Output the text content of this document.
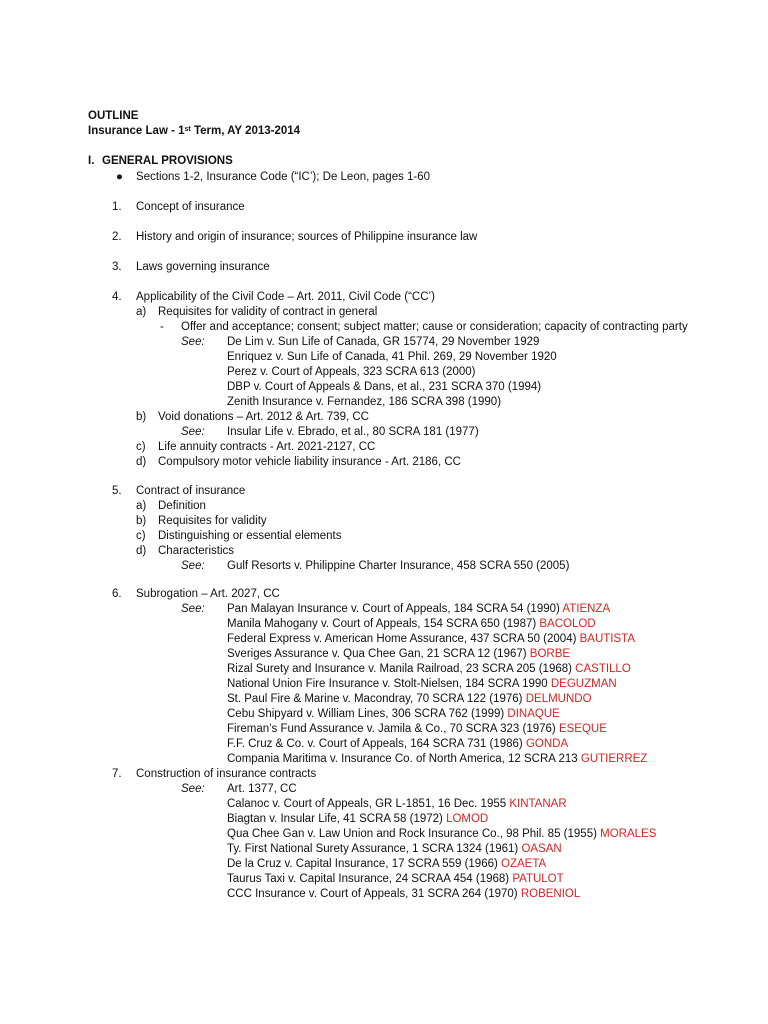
OUTLINE
Insurance Law - 1st Term, AY 2013-2014
I. GENERAL PROVISIONS
● Sections 1-2, Insurance Code (“IC’); De Leon, pages 1-60
1. Concept of insurance
2. History and origin of insurance; sources of Philippine insurance law
3. Laws governing insurance
4. Applicability of the Civil Code – Art. 2011, Civil Code (“CC’)
a) Requisites for validity of contract in general
- Offer and acceptance; consent; subject matter; cause or consideration; capacity of contracting party
See: De Lim v. Sun Life of Canada, GR 15774, 29 November 1929
Enriquez v. Sun Life of Canada, 41 Phil. 269, 29 November 1920
Perez v. Court of Appeals, 323 SCRA 613 (2000)
DBP v. Court of Appeals & Dans, et al., 231 SCRA 370 (1994)
Zenith Insurance v. Fernandez, 186 SCRA 398 (1990)
b) Void donations – Art. 2012 & Art. 739, CC
See: Insular Life v. Ebrado, et al., 80 SCRA 181 (1977)
c) Life annuity contracts - Art. 2021-2127, CC
d) Compulsory motor vehicle liability insurance - Art. 2186, CC
5. Contract of insurance
a) Definition
b) Requisites for validity
c) Distinguishing or essential elements
d) Characteristics
See: Gulf Resorts v. Philippine Charter Insurance, 458 SCRA 550 (2005)
6. Subrogation – Art. 2027, CC
See: Pan Malayan Insurance v. Court of Appeals, 184 SCRA 54 (1990) ATIENZA
Manila Mahogany v. Court of Appeals, 154 SCRA 650 (1987) BACOLOD
Federal Express v. American Home Assurance, 437 SCRA 50 (2004) BAUTISTA
Sveriges Assurance v. Qua Chee Gan, 21 SCRA 12 (1967) BORBE
Rizal Surety and Insurance v. Manila Railroad, 23 SCRA 205 (1968) CASTILLO
National Union Fire Insurance v. Stolt-Nielsen, 184 SCRA 1990 DEGUZMAN
St. Paul Fire & Marine v. Macondray, 70 SCRA 122 (1976) DELMUNDO
Cebu Shipyard v. William Lines, 306 SCRA 762 (1999) DINAQUE
Fireman’s Fund Assurance v. Jamila & Co., 70 SCRA 323 (1976) ESEQUE
F.F. Cruz & Co. v. Court of Appeals, 164 SCRA 731 (1986) GONDA
Compania Maritima v. Insurance Co. of North America, 12 SCRA 213 GUTIERREZ
7. Construction of insurance contracts
See: Art. 1377, CC
Calanoc v. Court of Appeals, GR L-1851, 16 Dec. 1955 KINTANAR
Biagtan v. Insular Life, 41 SCRA 58 (1972) LOMOD
Qua Chee Gan v. Law Union and Rock Insurance Co., 98 Phil. 85 (1955) MORALES
Ty. First National Surety Assurance, 1 SCRA 1324 (1961) OASAN
De la Cruz v. Capital Insurance, 17 SCRA 559 (1966) OZAETA
Taurus Taxi v. Capital Insurance, 24 SCRAA 454 (1968) PATULOT
CCC Insurance v. Court of Appeals, 31 SCRA 264 (1970) ROBENIOL
